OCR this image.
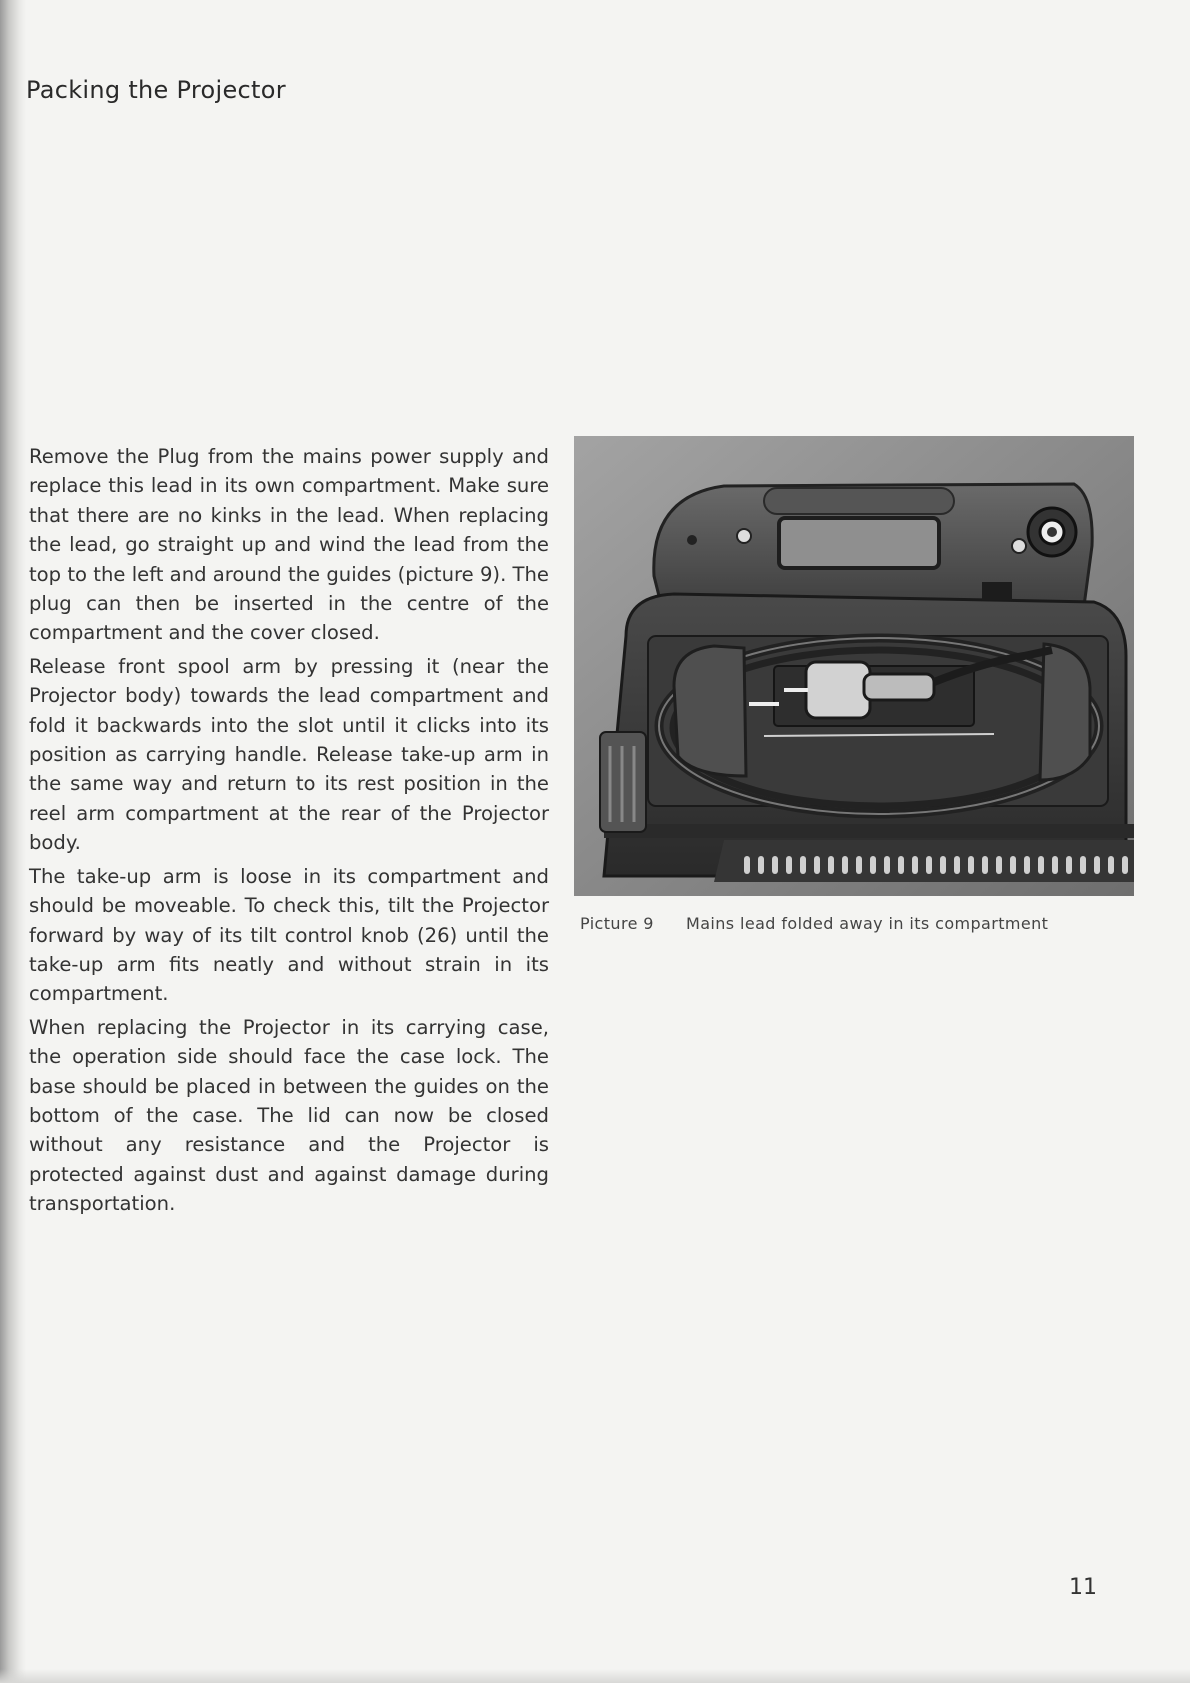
Packing the Projector

Remove the Plug from the mains power supply and replace this lead in its own compartment. Make sure that there are no kinks in the lead. When replacing the lead, go straight up and wind the lead from the top to the left and around the guides (picture 9). The plug can then be inserted in the centre of the compartment and the cover closed.

Release front spool arm by pressing it (near the Projector body) towards the lead compartment and fold it backwards into the slot until it clicks into its position as carrying handle. Release take-up arm in the same way and return to its rest position in the reel arm compartment at the rear of the Projector body.

The take-up arm is loose in its compartment and should be moveable. To check this, tilt the Projector forward by way of its tilt control knob (26) until the take-up arm fits neatly and without strain in its compartment.

When replacing the Projector in its carrying case, the operation side should face the case lock. The base should be placed in between the guides on the bottom of the case. The lid can now be closed without any resistance and the Projector is protected against dust and against damage during transportation.

Picture 9 Mains lead folded away in its compartment
11
